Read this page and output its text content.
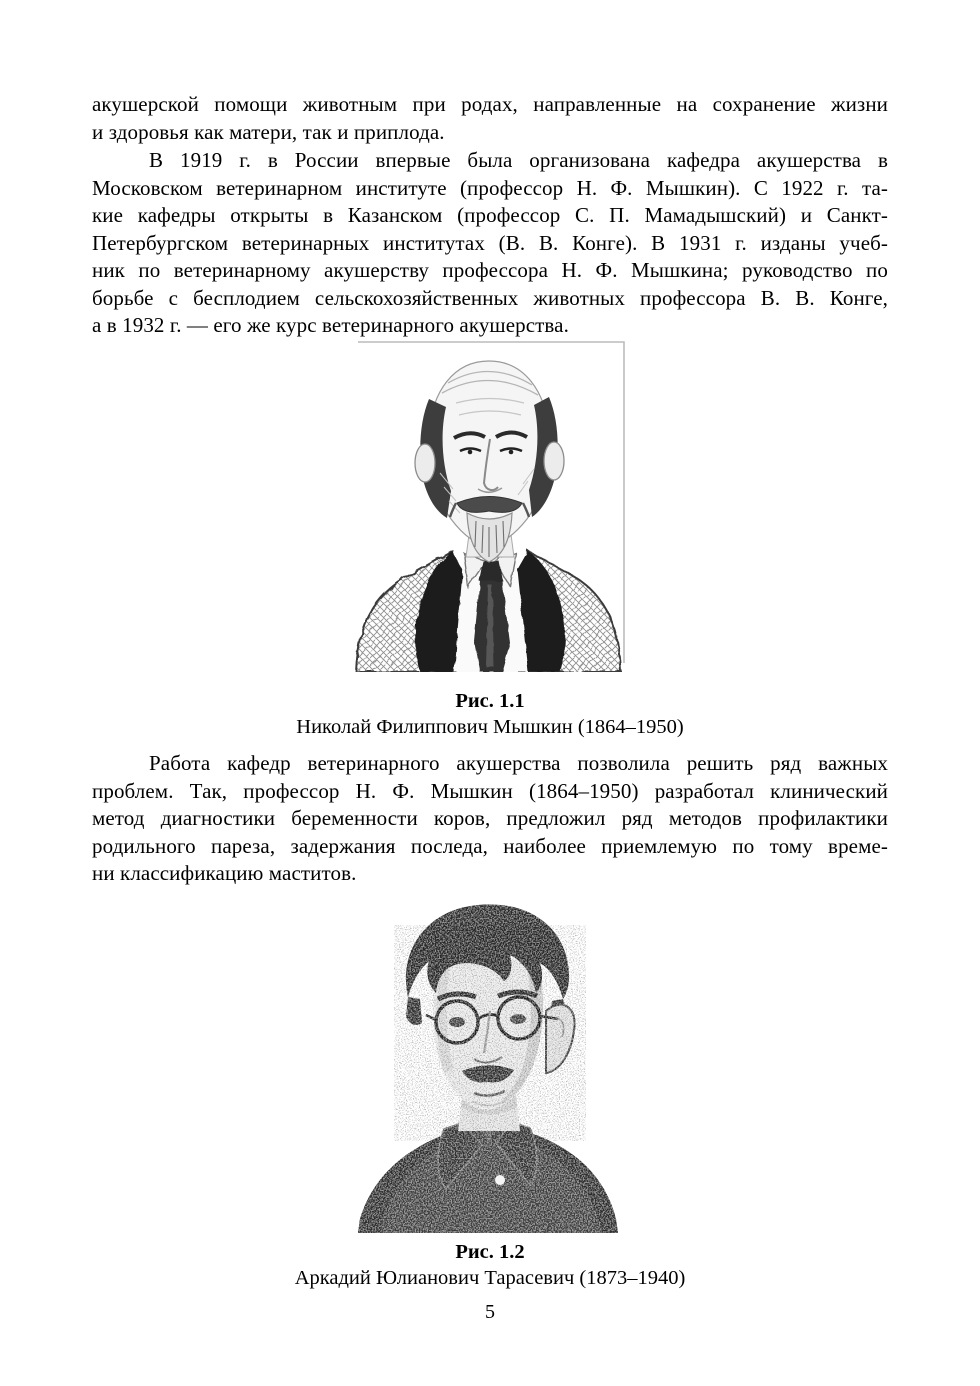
акушерской помощи животным при родах, направленные на сохранение жизни
и здоровья как матери, так и приплода.
В 1919 г. в России впервые была организована кафедра акушерства в
Московском ветеринарном институте (профессор Н. Ф. Мышкин). С 1922 г. та-
кие кафедры открыты в Казанском (профессор С. П. Мамадышский) и Санкт-
Петербургском ветеринарных институтах (В. В. Конге). В 1931 г. изданы учеб-
ник по ветеринарному акушерству профессора Н. Ф. Мышкина; руководство по
борьбе с бесплодием сельскохозяйственных животных профессора В. В. Конге,
а в 1932 г. — его же курс ветеринарного акушерства.
Рис. 1.1
Николай Филиппович Мышкин (1864–1950)
Работа кафедр ветеринарного акушерства позволила решить ряд важных
проблем. Так, профессор Н. Ф. Мышкин (1864–1950) разработал клинический
метод диагностики беременности коров, предложил ряд методов профилактики
родильного пареза, задержания последа, наиболее приемлемую по тому време-
ни классификацию маститов.
Рис. 1.2
Аркадий Юлианович Тарасевич (1873–1940)
5
